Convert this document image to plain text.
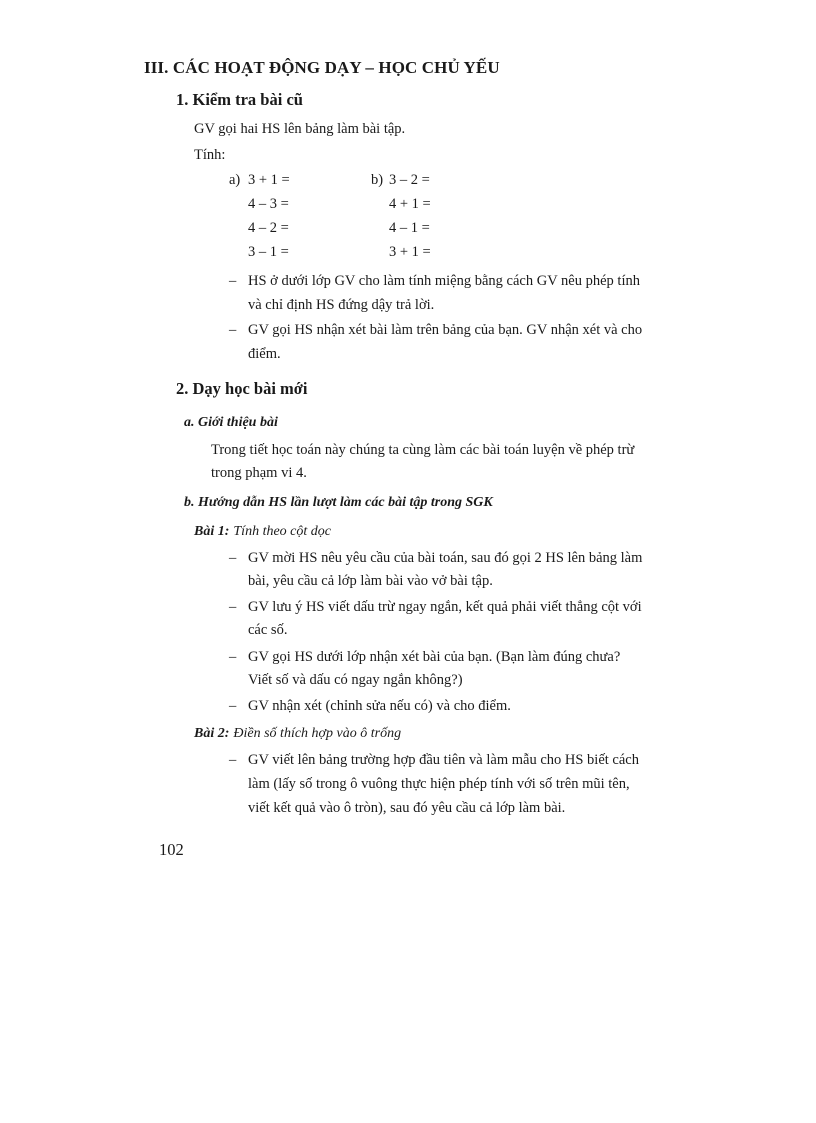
III. CÁC HOẠT ĐỘNG DẠY – HỌC CHỦ YẾU
1. Kiểm tra bài cũ
GV gọi hai HS lên bảng làm bài tập.
Tính:
a) 3 + 1 =
4 – 3 =
4 – 2 =
3 – 1 =
b) 3 – 2 =
4 + 1 =
4 – 1 =
3 + 1 =
– HS ở dưới lớp GV cho làm tính miệng bằng cách GV nêu phép tính
và chỉ định HS đứng dậy trả lời.
– GV gọi HS nhận xét bài làm trên bảng của bạn. GV nhận xét và cho
điểm.
2. Dạy học bài mới
a. Giới thiệu bài
Trong tiết học toán này chúng ta cùng làm các bài toán luyện về phép trừ
trong phạm vi 4.
b. Hướng dẫn HS lần lượt làm các bài tập trong SGK
Bài 1: Tính theo cột dọc
– GV mời HS nêu yêu cầu của bài toán, sau đó gọi 2 HS lên bảng làm
bài, yêu cầu cả lớp làm bài vào vở bài tập.
– GV lưu ý HS viết dấu trừ ngay ngắn, kết quả phải viết thẳng cột với
các số.
– GV gọi HS dưới lớp nhận xét bài của bạn. (Bạn làm đúng chưa?
Viết số và dấu có ngay ngắn không?)
– GV nhận xét (chỉnh sửa nếu có) và cho điểm.
Bài 2: Điền số thích hợp vào ô trống
– GV viết lên bảng trường hợp đầu tiên và làm mẫu cho HS biết cách
làm (lấy số trong ô vuông thực hiện phép tính với số trên mũi tên,
viết kết quả vào ô tròn), sau đó yêu cầu cả lớp làm bài.
102
